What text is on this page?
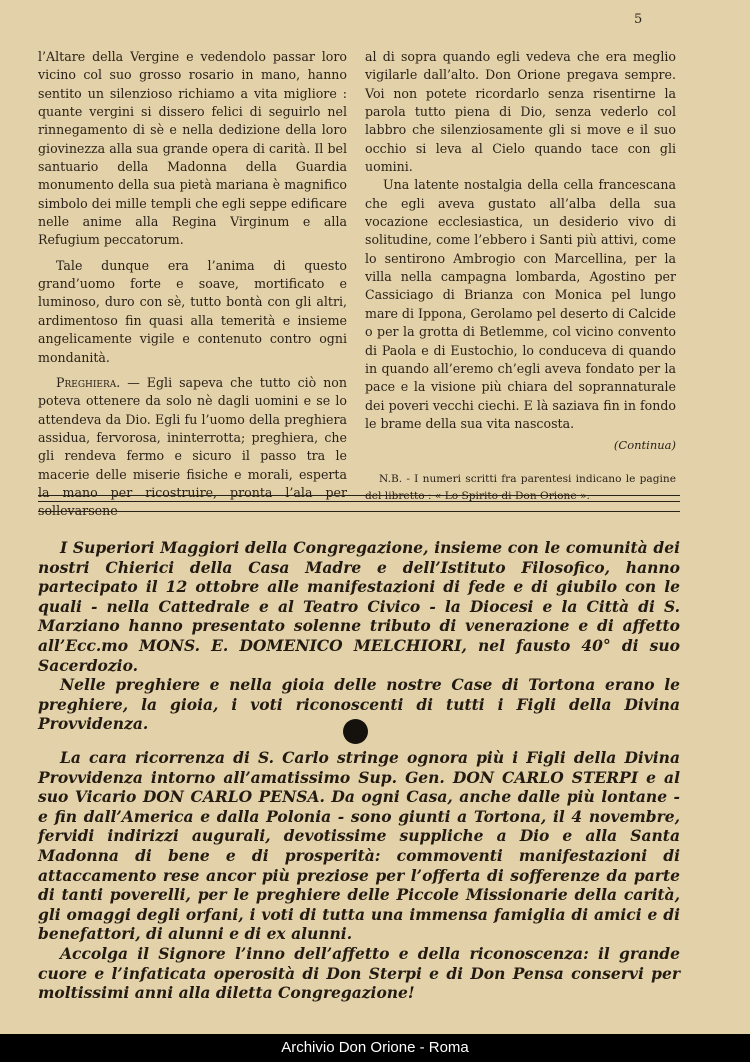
5

l’Altare della Vergine e vedendolo passar loro vicino col suo grosso rosario in mano, hanno sentito un silenzioso richiamo a vita migliore : quante vergini si dissero felici di seguirlo nel rinnegamento di sè e nella dedizione della loro giovinezza alla sua grande opera di carità. Il bel santuario della Madonna della Guardia monumento della sua pietà mariana è magnifico simbolo dei mille templi che egli seppe edificare nelle anime alla Regina Virginum e alla Refugium peccatorum.

Tale dunque era l’anima di questo grand’uomo forte e soave, mortificato e luminoso, duro con sè, tutto bontà con gli altri, ardimentoso fin quasi alla temerità e insieme angelicamente vigile e contenuto contro ogni mondanità.

Preghiera. — Egli sapeva che tutto ciò non poteva ottenere da solo nè dagli uomini e se lo attendeva da Dio. Egli fu l’uomo della preghiera assidua, fervorosa, ininterrotta; preghiera, che gli rendeva fermo e sicuro il passo tra le macerie delle miserie fisiche e morali, esperta la mano per ricostruire, pronta l’ala per sollevarsene

al di sopra quando egli vedeva che era meglio vigilarle dall’alto. Don Orione pregava sempre. Voi non potete ricordarlo senza risentirne la parola tutto piena di Dio, senza vederlo col labbro che silenziosamente gli si move e il suo occhio si leva al Cielo quando tace con gli uomini.

Una latente nostalgia della cella francescana che egli aveva gustato all’alba della sua vocazione ecclesiastica, un desiderio vivo di solitudine, come l’ebbero i Santi più attivi, come lo sentirono Ambrogio con Marcellina, per la villa nella campagna lombarda, Agostino per Cassiciago di Brianza con Monica pel lungo mare di Ippona, Gerolamo pel deserto di Calcide o per la grotta di Betlemme, col vicino convento di Paola e di Eustochio, lo conduceva di quando in quando all’eremo ch’egli aveva fondato per la pace e la visione più chiara del soprannaturale dei poveri vecchi ciechi. E là saziava fin in fondo le brame della sua vita nascosta.

(Continua)

N.B. - I numeri scritti fra parentesi indicano le pagine del libretto : « Lo Spirito di Don Orione ».

I Superiori Maggiori della Congregazione, insieme con le comunità dei nostri Chierici della Casa Madre e dell’Istituto Filosofico, hanno partecipato il 12 ottobre alle manifestazioni di fede e di giubilo con le quali - nella Cattedrale e al Teatro Civico - la Diocesi e la Città di S. Marziano hanno presentato solenne tributo di venerazione e di affetto all’Ecc.mo MONS. E. DOMENICO MELCHIORI, nel fausto 40° di suo Sacerdozio.

Nelle preghiere e nella gioia delle nostre Case di Tortona erano le preghiere, la gioia, i voti riconoscenti di tutti i Figli della Divina Provvidenza.

La cara ricorrenza di S. Carlo stringe ognora più i Figli della Divina Provvidenza intorno all’amatissimo Sup. Gen. DON CARLO STERPI e al suo Vicario DON CARLO PENSA. Da ogni Casa, anche dalle più lontane - e fin dall’America e dalla Polonia - sono giunti a Tortona, il 4 novembre, fervidi indirizzi augurali, devotissime suppliche a Dio e alla Santa Madonna di bene e di prosperità: commoventi manifestazioni di attaccamento rese ancor più preziose per l’offerta di sofferenze da parte di tanti poverelli, per le preghiere delle Piccole Missionarie della carità, gli omaggi degli orfani, i voti di tutta una immensa famiglia di amici e di benefattori, di alunni e di ex alunni.

Accolga il Signore l’inno dell’affetto e della riconoscenza: il grande cuore e l’infaticata operosità di Don Sterpi e di Don Pensa conservi per moltissimi anni alla diletta Congregazione!

Archivio Don Orione - Roma
